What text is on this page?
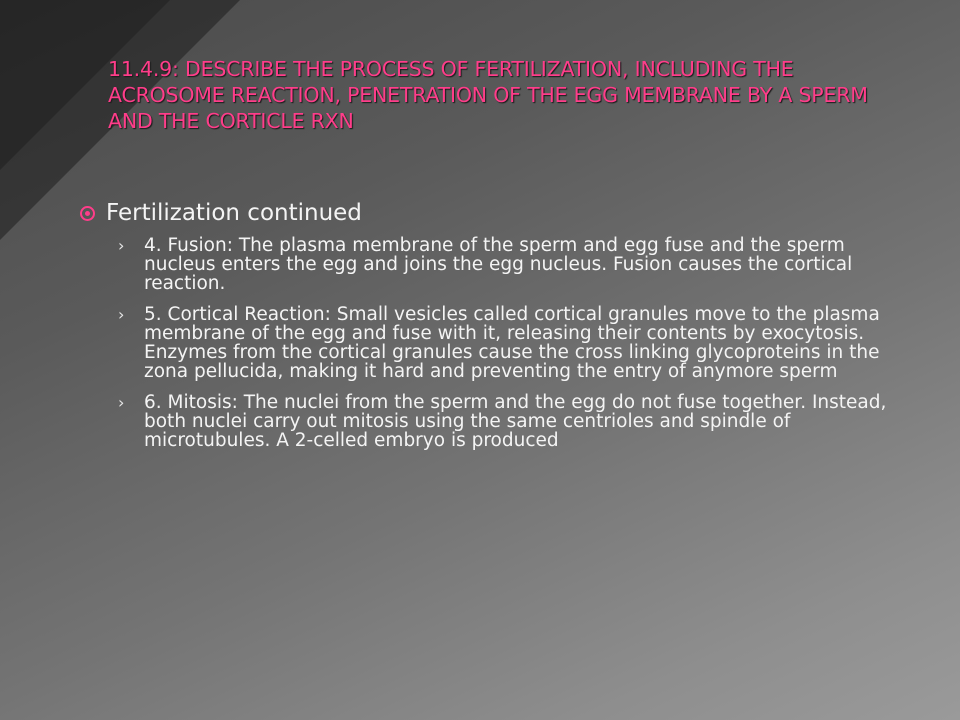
11.4.9: DESCRIBE THE PROCESS OF FERTILIZATION, INCLUDING THE ACROSOME REACTION, PENETRATION OF THE EGG MEMBRANE BY A SPERM AND THE CORTICLE RXN
Fertilization continued
› 4. Fusion: The plasma membrane of the sperm and egg fuse and the sperm nucleus enters the egg and joins the egg nucleus. Fusion causes the cortical reaction.
› 5. Cortical Reaction: Small vesicles called cortical granules move to the plasma membrane of the egg and fuse with it, releasing their contents by exocytosis. Enzymes from the cortical granules cause the cross linking glycoproteins in the zona pellucida, making it hard and preventing the entry of anymore sperm
› 6. Mitosis: The nuclei from the sperm and the egg do not fuse together. Instead, both nuclei carry out mitosis using the same centrioles and spindle of microtubules. A 2-celled embryo is produced
